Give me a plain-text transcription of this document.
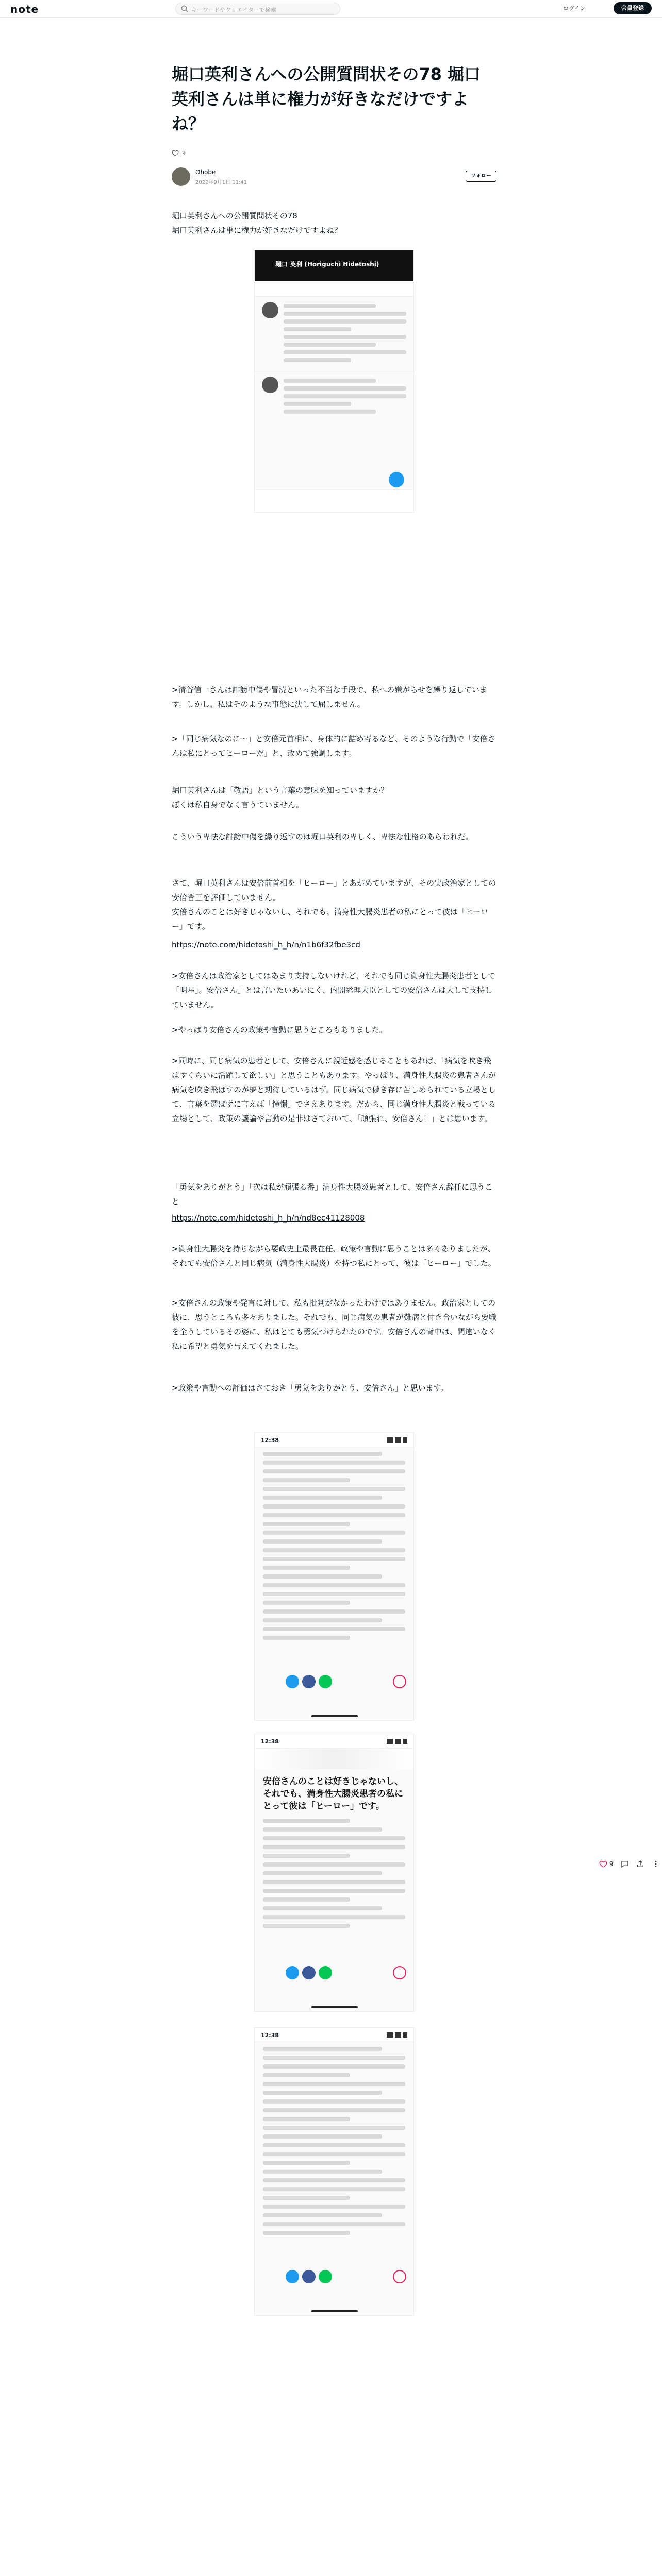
note	キーワードやクリエイターで検索	ログイン	会員登録
堀口英利さんへの公開質問状その78 堀口英利さんは単に権力が好きなだけですよね？
9
Ohobe
2022年9月1日 11:41
フォロー
堀口英利さんへの公開質問状その78
堀口英利さんは単に権力が好きなだけですよね？
堀口 英利 (Horiguchi Hidetoshi)
>清谷信一さんは誹謗中傷や冒涜といった不当な手段で、私への嫌がらせを繰り返しています。しかし、私はそのような事態に決して屈しません。
>「同じ病気なのに〜」と安倍元首相に、身体的に詰め寄るなど、そのような行動で「安倍さんは私にとってヒーローだ」と、改めて強調します。
堀口英利さんは「敬語」という言葉の意味を知っていますか？
ぼくは私自身でなく言うていません。
こういう卑怯な誹謗中傷を繰り返すのは堀口英利の卑しく、卑怯な性格のあらわれだ。
さて、堀口英利さんは安倍前首相を「ヒーロー」とあがめていますが、その実政治家としての安倍晋三を評価していません。
安倍さんのことは好きじゃないし、それでも、満身性大腸炎患者の私にとって彼は「ヒーロー」です。
https://note.com/hidetoshi_h_h/n/n1b6f32fbe3cd
>安倍さんは政治家としてはあまり支持しないけれど、それでも同じ満身性大腸炎患者として「明星」。安倍さん」とは言いたいあいにく、内閣総理大臣としての安倍さんは大して支持していません。
>やっぱり安倍さんの政策や言動に思うところもありました。
>同時に、同じ病気の患者として、安倍さんに親近感を感じることもあれば、「病気を吹き飛ばすくらいに活躍して欲しい」と思うこともあります。やっぱり、満身性大腸炎の患者さんが病気を吹き飛ばすのが夢と期待しているはず。同じ病気で儚き存に苦しめられている立場として、言葉を選ばずに言えば「憧憬」でさえあります。だから、同じ満身性大腸炎と戦っている立場として、政策の議論や言動の是非はさておいて、「頑張れ、安倍さん！」とは思います。
「勇気をありがとう」「次は私が頑張る番」満身性大腸炎患者として、安倍さん辞任に思うこと
https://note.com/hidetoshi_h_h/n/nd8ec41128008
>満身性大腸炎を持ちながら要政史上最長在任、政策や言動に思うことは多々ありましたが、それでも安倍さんと同じ病気（満身性大腸炎）を持つ私にとって、彼は「ヒーロー」でした。
>安倍さんの政策や発言に対して、私も批判がなかったわけではありません。政治家としての彼に、思うところも多々ありました。それでも、同じ病気の患者が難病と付き合いながら要職を全うしているその姿に、私はとても勇気づけられたのです。安倍さんの背中は、間違いなく私に希望と勇気を与えてくれました。
>政策や言動への評価はさておき「勇気をありがとう、安倍さん」と思います。
12:38
12:38
安倍さんのことは好きじゃないし、それでも、満身性大腸炎患者の私にとって彼は「ヒーロー」です。
12:38
9
